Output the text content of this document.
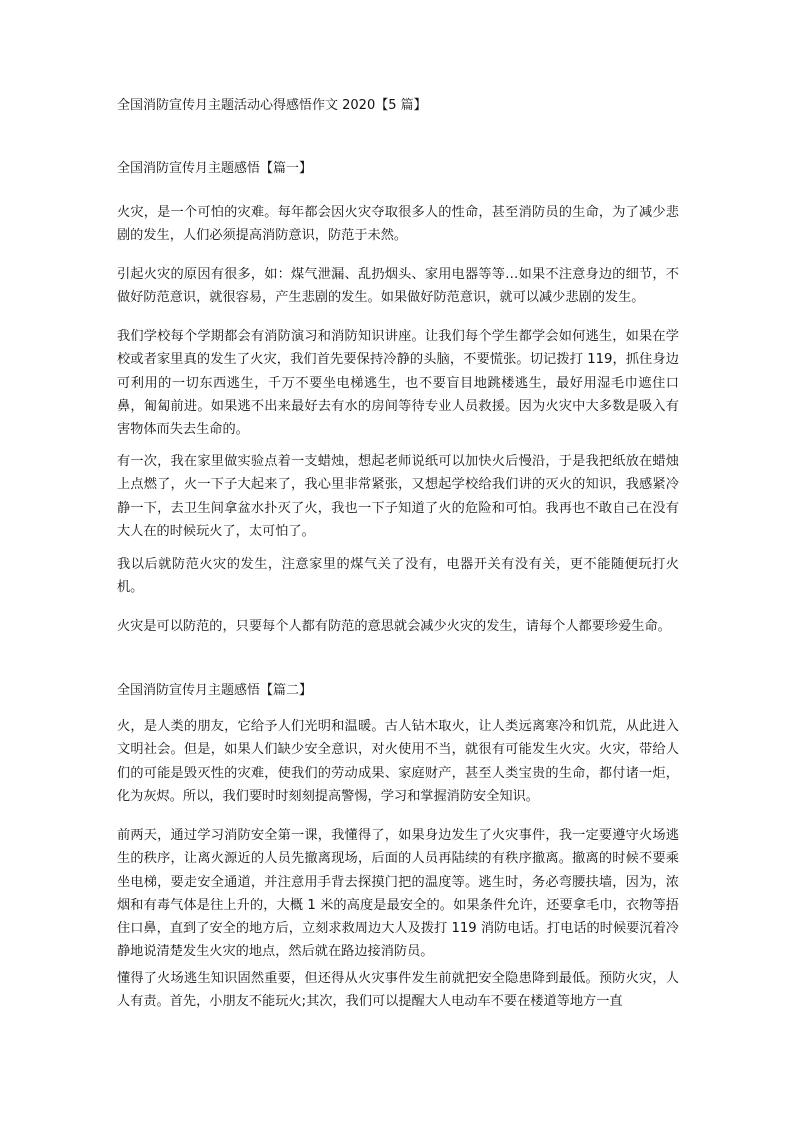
全国消防宣传月主题活动心得感悟作文 2020【5 篇】
全国消防宣传月主题感悟【篇一】

火灾，是一个可怕的灾难。每年都会因火灾夺取很多人的性命，甚至消防员的生命，为了减少悲剧的发生，人们必须提高消防意识，防范于未然。

引起火灾的原因有很多，如：煤气泄漏、乱扔烟头、家用电器等等…如果不注意身边的细节，不做好防范意识，就很容易，产生悲剧的发生。如果做好防范意识，就可以减少悲剧的发生。

我们学校每个学期都会有消防演习和消防知识讲座。让我们每个学生都学会如何逃生，如果在学校或者家里真的发生了火灾，我们首先要保持冷静的头脑，不要慌张。切记拨打 119，抓住身边可利用的一切东西逃生，千万不要坐电梯逃生，也不要盲目地跳楼逃生，最好用湿毛巾遮住口鼻，匍匐前进。如果逃不出来最好去有水的房间等待专业人员救援。因为火灾中大多数是吸入有害物体而失去生命的。

有一次，我在家里做实验点着一支蜡烛，想起老师说纸可以加快火后慢沿，于是我把纸放在蜡烛上点燃了，火一下子大起来了，我心里非常紧张，又想起学校给我们讲的灭火的知识，我感紧冷静一下，去卫生间拿盆水扑灭了火，我也一下子知道了火的危险和可怕。我再也不敢自己在没有大人在的时候玩火了，太可怕了。

我以后就防范火灾的发生，注意家里的煤气关了没有，电器开关有没有关，更不能随便玩打火机。

火灾是可以防范的，只要每个人都有防范的意思就会减少火灾的发生，请每个人都要珍爱生命。

全国消防宣传月主题感悟【篇二】

火，是人类的朋友，它给予人们光明和温暖。古人钻木取火，让人类远离寒冷和饥荒，从此进入文明社会。但是，如果人们缺少安全意识，对火使用不当，就很有可能发生火灾。火灾，带给人们的可能是毁灭性的灾难，使我们的劳动成果、家庭财产，甚至人类宝贵的生命，都付诸一炬，化为灰烬。所以，我们要时时刻刻提高警惕，学习和掌握消防安全知识。

前两天，通过学习消防安全第一课，我懂得了，如果身边发生了火灾事件，我一定要遵守火场逃生的秩序，让离火源近的人员先撤离现场，后面的人员再陆续的有秩序撤离。撤离的时候不要乘坐电梯，要走安全通道，并注意用手背去探摸门把的温度等。逃生时，务必弯腰扶墙，因为，浓烟和有毒气体是往上升的，大概 1 米的高度是最安全的。如果条件允许，还要拿毛巾，衣物等捂住口鼻，直到了安全的地方后，立刻求救周边大人及拨打 119 消防电话。打电话的时候要沉着冷静地说清楚发生火灾的地点，然后就在路边接消防员。

懂得了火场逃生知识固然重要，但还得从火灾事件发生前就把安全隐患降到最低。预防火灾，人人有责。首先，小朋友不能玩火;其次，我们可以提醒大人电动车不要在楼道等地方一直
